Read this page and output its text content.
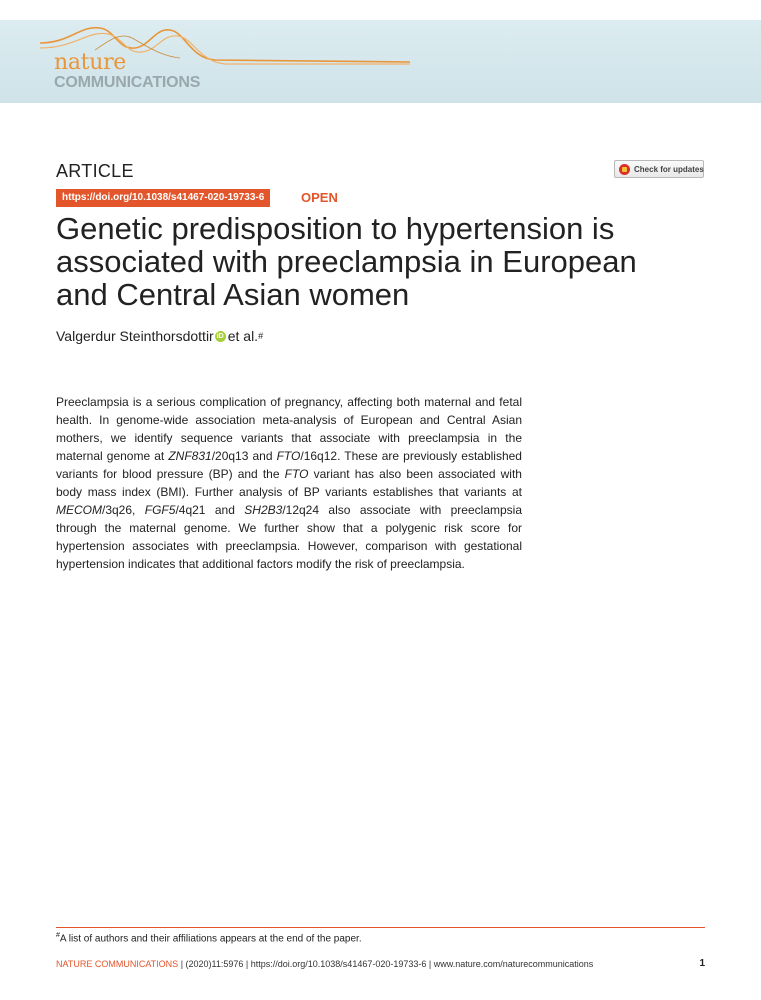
nature
COMMUNICATIONS
ARTICLE
https://doi.org/10.1038/s41467-020-19733-6	OPEN
Check for updates
Genetic predisposition to hypertension is associated with preeclampsia in European and Central Asian women
Valgerdur Steinthorsdottir iD et al. #

Preeclampsia is a serious complication of pregnancy, affecting both maternal and fetal health. In genome-wide association meta-analysis of European and Central Asian mothers, we identify sequence variants that associate with preeclampsia in the maternal genome at ZNF831/20q13 and FTO/16q12. These are previously established variants for blood pressure (BP) and the FTO variant has also been associated with body mass index (BMI). Further analysis of BP variants establishes that variants at MECOM/3q26, FGF5/4q21 and SH2B3/12q24 also associate with preeclampsia through the maternal genome. We further show that a polygenic risk score for hypertension associates with preeclampsia. However, comparison with gestational hypertension indicates that additional factors modify the risk of preeclampsia.

#A list of authors and their affiliations appears at the end of the paper.
NATURE COMMUNICATIONS | (2020)11:5976 | https://doi.org/10.1038/s41467-020-19733-6 | www.nature.com/naturecommunications	1
